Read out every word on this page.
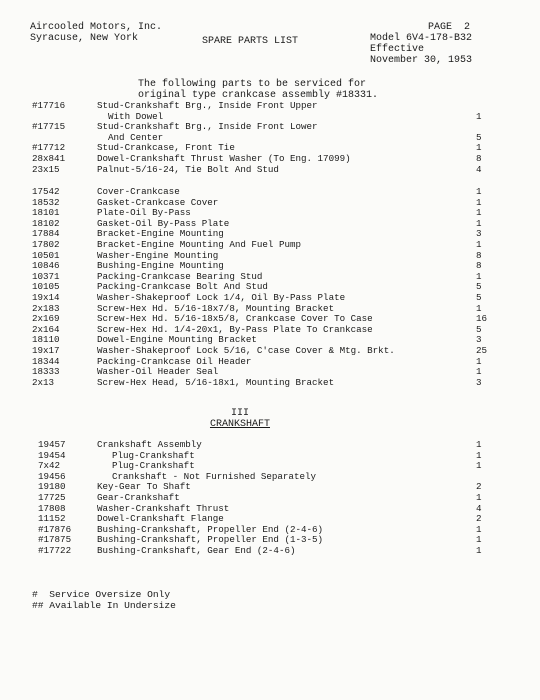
Aircooled Motors, Inc.
Syracuse, New York	SPARE PARTS LIST
PAGE  2
Model 6V4-178-B32
Effective
November 30, 1953
The following parts to be serviced for
original type crankcase assembly #18331.
#17716	Stud-Crankshaft Brg., Inside Front Upper
With Dowel	1
#17715	Stud-Crankshaft Brg., Inside Front Lower
And Center	5
#17712	Stud-Crankcase, Front Tie	1
28x841	Dowel-Crankshaft Thrust Washer (To Eng. 17099)	8
23x15	Palnut-5/16-24, Tie Bolt And Stud	4
17542	Cover-Crankcase	1
18532	Gasket-Crankcase Cover	1
18101	Plate-Oil By-Pass	1
18102	Gasket-Oil By-Pass Plate	1
17884	Bracket-Engine Mounting	3
17802	Bracket-Engine Mounting And Fuel Pump	1
10501	Washer-Engine Mounting	8
10846	Bushing-Engine Mounting	8
10371	Packing-Crankcase Bearing Stud	1
10105	Packing-Crankcase Bolt And Stud	5
19x14	Washer-Shakeproof Lock 1/4, Oil By-Pass Plate	5
2x183	Screw-Hex Hd. 5/16-18x7/8, Mounting Bracket	1
2x169	Screw-Hex Hd. 5/16-18x5/8, Crankcase Cover To Case	16
2x164	Screw-Hex Hd. 1/4-20x1, By-Pass Plate To Crankcase	5
18110	Dowel-Engine Mounting Bracket	3
19x17	Washer-Shakeproof Lock 5/16, C'case Cover & Mtg. Brkt.	25
18344	Packing-Crankcase Oil Header	1
18333	Washer-Oil Header Seal	1
2x13	Screw-Hex Head, 5/16-18x1, Mounting Bracket	3
III
CRANKSHAFT
19457	Crankshaft Assembly	1
19454	Plug-Crankshaft	1
7x42	Plug-Crankshaft	1
19456	Crankshaft - Not Furnished Separately
19180	Key-Gear To Shaft	2
17725	Gear-Crankshaft	1
17808	Washer-Crankshaft Thrust	4
11152	Dowel-Crankshaft Flange	2
#17876	Bushing-Crankshaft, Propeller End (2-4-6)	1
#17875	Bushing-Crankshaft, Propeller End (1-3-5)	1
#17722	Bushing-Crankshaft, Gear End (2-4-6)	1
#  Service Oversize Only
## Available In Undersize
